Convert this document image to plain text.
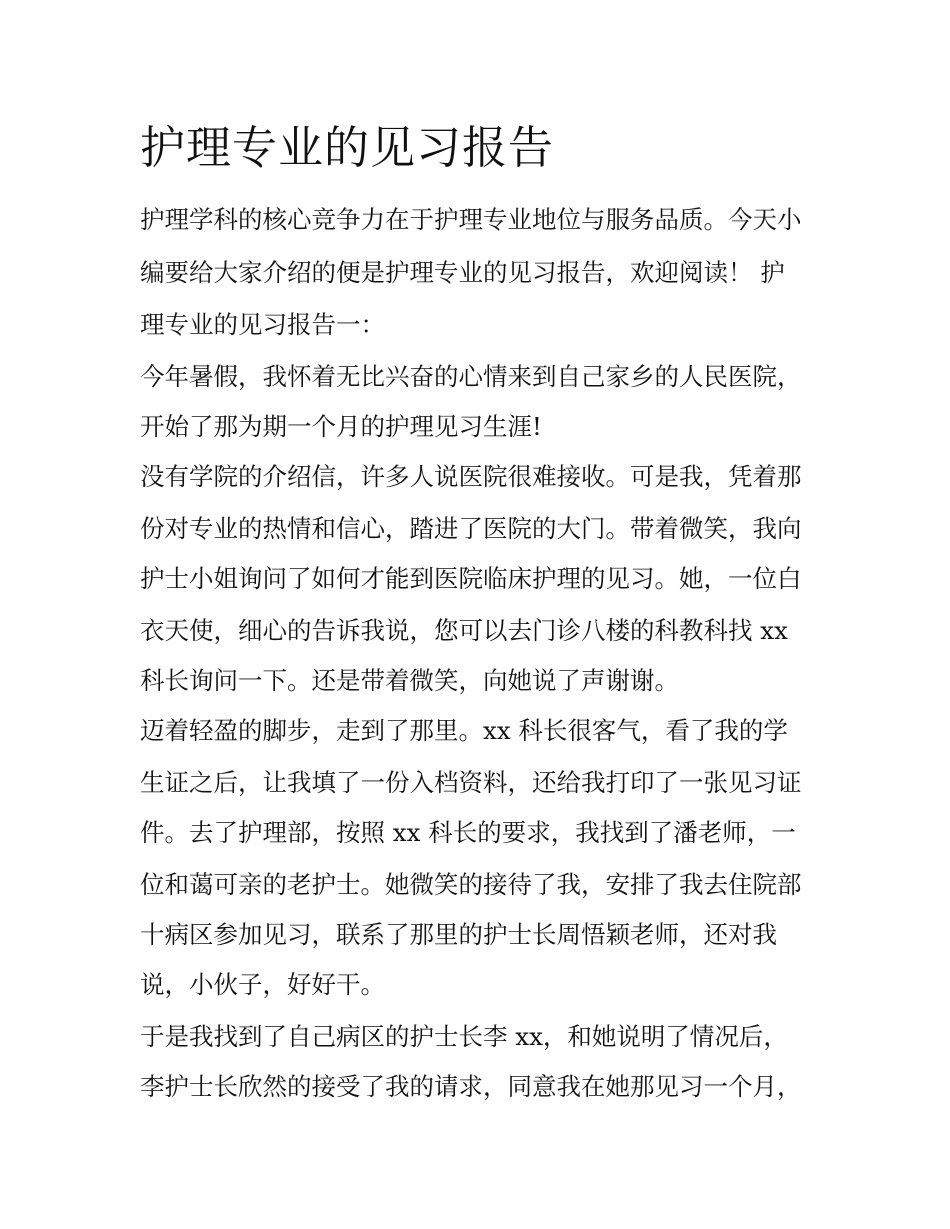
护理专业的见习报告

护理学科的核心竞争力在于护理专业地位与服务品质。今天小

编要给大家介绍的便是护理专业的见习报告，欢迎阅读！ 护

理专业的见习报告一：

今年暑假，我怀着无比兴奋的心情来到自己家乡的人民医院，

开始了那为期一个月的护理见习生涯!

没有学院的介绍信，许多人说医院很难接收。可是我，凭着那

份对专业的热情和信心，踏进了医院的大门。带着微笑，我向

护士小姐询问了如何才能到医院临床护理的见习。她，一位白

衣天使，细心的告诉我说，您可以去门诊八楼的科教科找 xx

科长询问一下。还是带着微笑，向她说了声谢谢。

迈着轻盈的脚步，走到了那里。xx 科长很客气，看了我的学

生证之后，让我填了一份入档资料，还给我打印了一张见习证

件。去了护理部，按照 xx 科长的要求，我找到了潘老师，一

位和蔼可亲的老护士。她微笑的接待了我，安排了我去住院部

十病区参加见习，联系了那里的护士长周悟颖老师，还对我

说，小伙子，好好干。

于是我找到了自己病区的护士长李 xx，和她说明了情况后，

李护士长欣然的接受了我的请求，同意我在她那见习一个月，
